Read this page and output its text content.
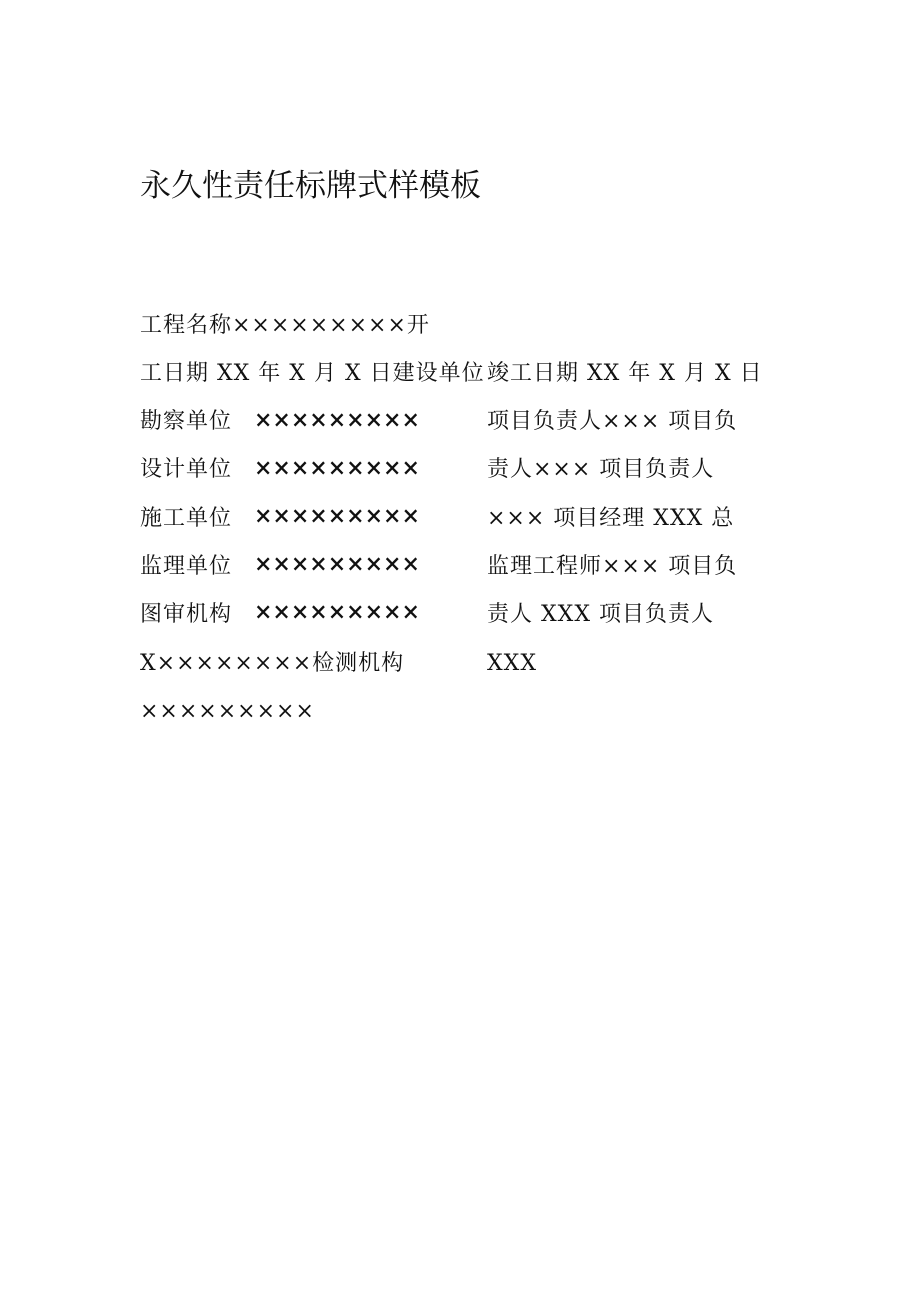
永久性责任标牌式样模板
工程名称×××××××××开
工日期 XX 年 X 月 X 日建设单位
勘察单位
设计单位
施工单位
监理单位
图审机构
X××××××××检测机构
×××××××××
×××××××××
×××××××××
×××××××××
×××××××××
×××××××××
竣工日期 XX 年 X 月 X 日
项目负责人××× 项目负
责人××× 项目负责人
××× 项目经理 XXX 总
监理工程师××× 项目负
责人 XXX 项目负责人
XXX
